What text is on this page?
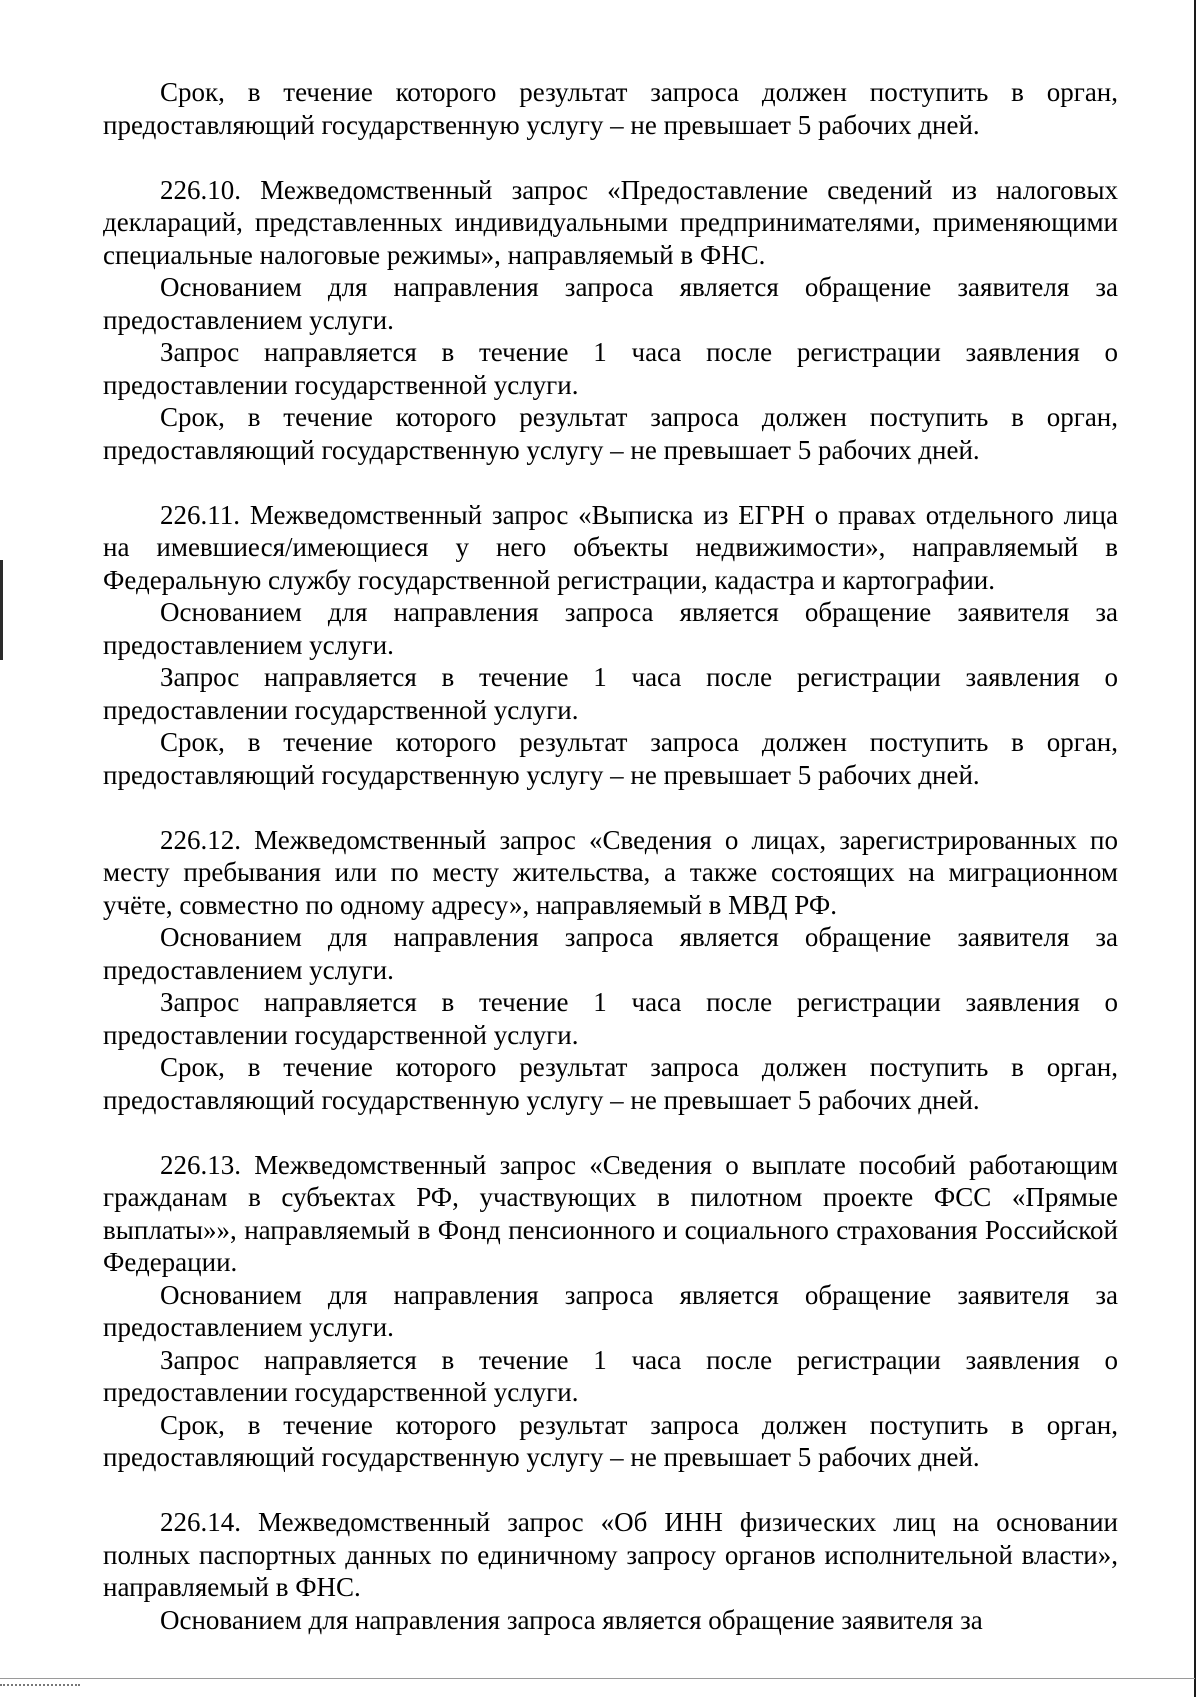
Срок, в течение которого результат запроса должен поступить в орган, предоставляющий государственную услугу – не превышает 5 рабочих дней.

226.10. Межведомственный запрос «Предоставление сведений из налоговых деклараций, представленных индивидуальными предпринимателями, применяющими специальные налоговые режимы», направляемый в ФНС.

Основанием для направления запроса является обращение заявителя за предоставлением услуги.

Запрос направляется в течение 1 часа после регистрации заявления о предоставлении государственной услуги.

Срок, в течение которого результат запроса должен поступить в орган, предоставляющий государственную услугу – не превышает 5 рабочих дней.

226.11. Межведомственный запрос «Выписка из ЕГРН о правах отдельного лица на имевшиеся/имеющиеся у него объекты недвижимости», направляемый в Федеральную службу государственной регистрации, кадастра и картографии.

Основанием для направления запроса является обращение заявителя за предоставлением услуги.

Запрос направляется в течение 1 часа после регистрации заявления о предоставлении государственной услуги.

Срок, в течение которого результат запроса должен поступить в орган, предоставляющий государственную услугу – не превышает 5 рабочих дней.

226.12. Межведомственный запрос «Сведения о лицах, зарегистрированных по месту пребывания или по месту жительства, а также состоящих на миграционном учёте, совместно по одному адресу», направляемый в МВД РФ.

Основанием для направления запроса является обращение заявителя за предоставлением услуги.

Запрос направляется в течение 1 часа после регистрации заявления о предоставлении государственной услуги.

Срок, в течение которого результат запроса должен поступить в орган, предоставляющий государственную услугу – не превышает 5 рабочих дней.

226.13. Межведомственный запрос «Сведения о выплате пособий работающим гражданам в субъектах РФ, участвующих в пилотном проекте ФСС «Прямые выплаты»», направляемый в Фонд пенсионного и социального страхования Российской Федерации.

Основанием для направления запроса является обращение заявителя за предоставлением услуги.

Запрос направляется в течение 1 часа после регистрации заявления о предоставлении государственной услуги.

Срок, в течение которого результат запроса должен поступить в орган, предоставляющий государственную услугу – не превышает 5 рабочих дней.

226.14. Межведомственный запрос «Об ИНН физических лиц на основании полных паспортных данных по единичному запросу органов исполнительной власти», направляемый в ФНС.

Основанием для направления запроса является обращение заявителя за
